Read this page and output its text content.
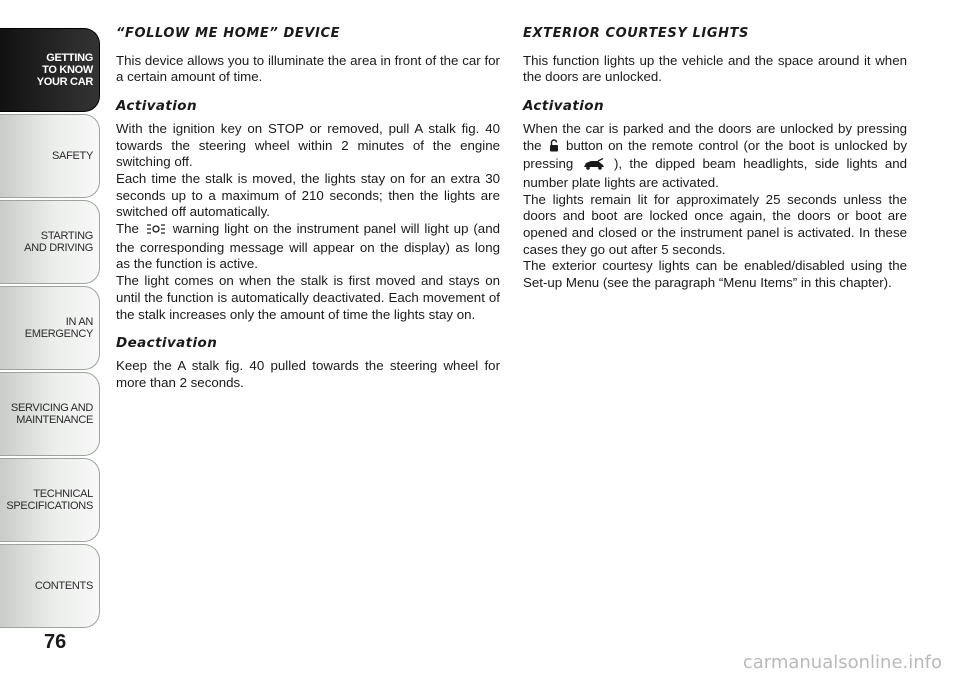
GETTING
TO KNOW
YOUR CAR
SAFETY
STARTING
AND DRIVING
IN AN
EMERGENCY
SERVICING AND
MAINTENANCE
TECHNICAL
SPECIFICATIONS
CONTENTS
76
“FOLLOW ME HOME” DEVICE

This device allows you to illuminate the area in front of the car for a certain amount of time.

Activation

With the ignition key on STOP or removed, pull A stalk fig. 40 towards the steering wheel within 2 minutes of the engine switching off.

Each time the stalk is moved, the lights stay on for an extra 30 seconds up to a maximum of 210 seconds; then the lights are switched off automatically.

The	warning light on the instrument panel will light up (and the corresponding message will appear on the display) as long as the function is active.

The light comes on when the stalk is first moved and stays on until the function is automatically deactivated. Each movement of the stalk increases only the amount of time the lights stay on.

Deactivation

Keep the A stalk fig. 40 pulled towards the steering wheel for more than 2 seconds.

EXTERIOR COURTESY LIGHTS

This function lights up the vehicle and the space around it when the doors are unlocked.

Activation

When the car is parked and the doors are unlocked by pressing the button on the remote control (or the boot is unlocked by pressing	), the dipped beam headlights, side lights and number plate lights are activated.

The lights remain lit for approximately 25 seconds unless the doors and boot are locked once again, the doors or boot are opened and closed or the instrument panel is activated. In these cases they go out after 5 seconds.

The exterior courtesy lights can be enabled/disabled using the Set-up Menu (see the paragraph “Menu Items” in this chapter).

carmanualsonline.info
